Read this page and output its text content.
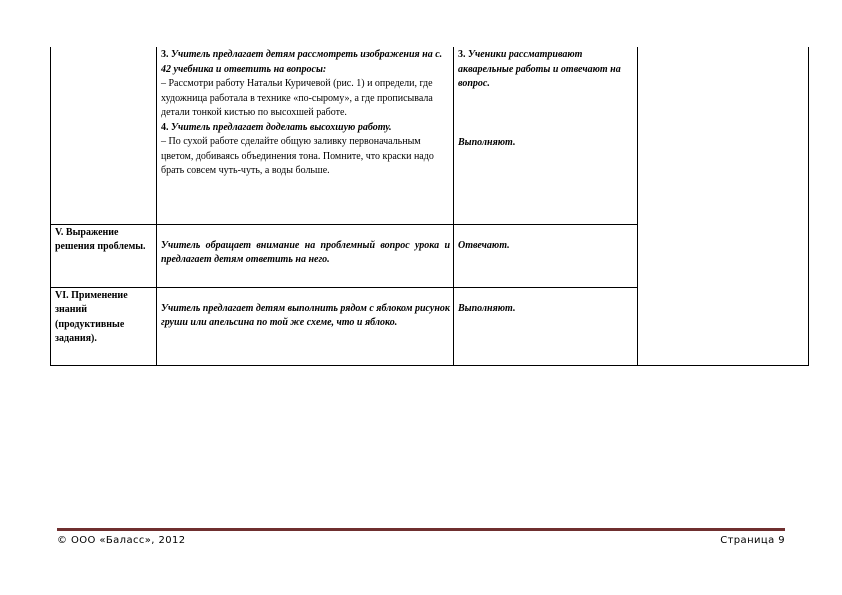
	3. Учитель предлагает детям рассмотреть изображения на с. 42 учебника и ответить на вопросы:
– Рассмотри работу Натальи Куричевой (рис. 1) и определи, где художница работала в технике «по-сырому», а где прописывала детали тонкой кистью по высохшей работе.
4. Учитель предлагает доделать высохшую работу.
– По сухой работе сделайте общую заливку первоначальным цветом, добиваясь объединения тона. Помните, что краски надо брать совсем чуть-чуть, а воды больше.	3. Ученики рассматривают акварельные работы и отвечают на вопрос.
Выполняют.	

V. Выражение решения проблемы.	Учитель обращает внимание на проблемный вопрос урока и предлагает детям ответить на него.	Отвечают.	

VI. Применение знаний (продуктивные задания).	Учитель предлагает детям выполнить рядом с яблоком рисунок груши или апельсина по той же схеме, что и яблоко.	Выполняют.	
© ООО «Баласс», 2012	Страница 9
